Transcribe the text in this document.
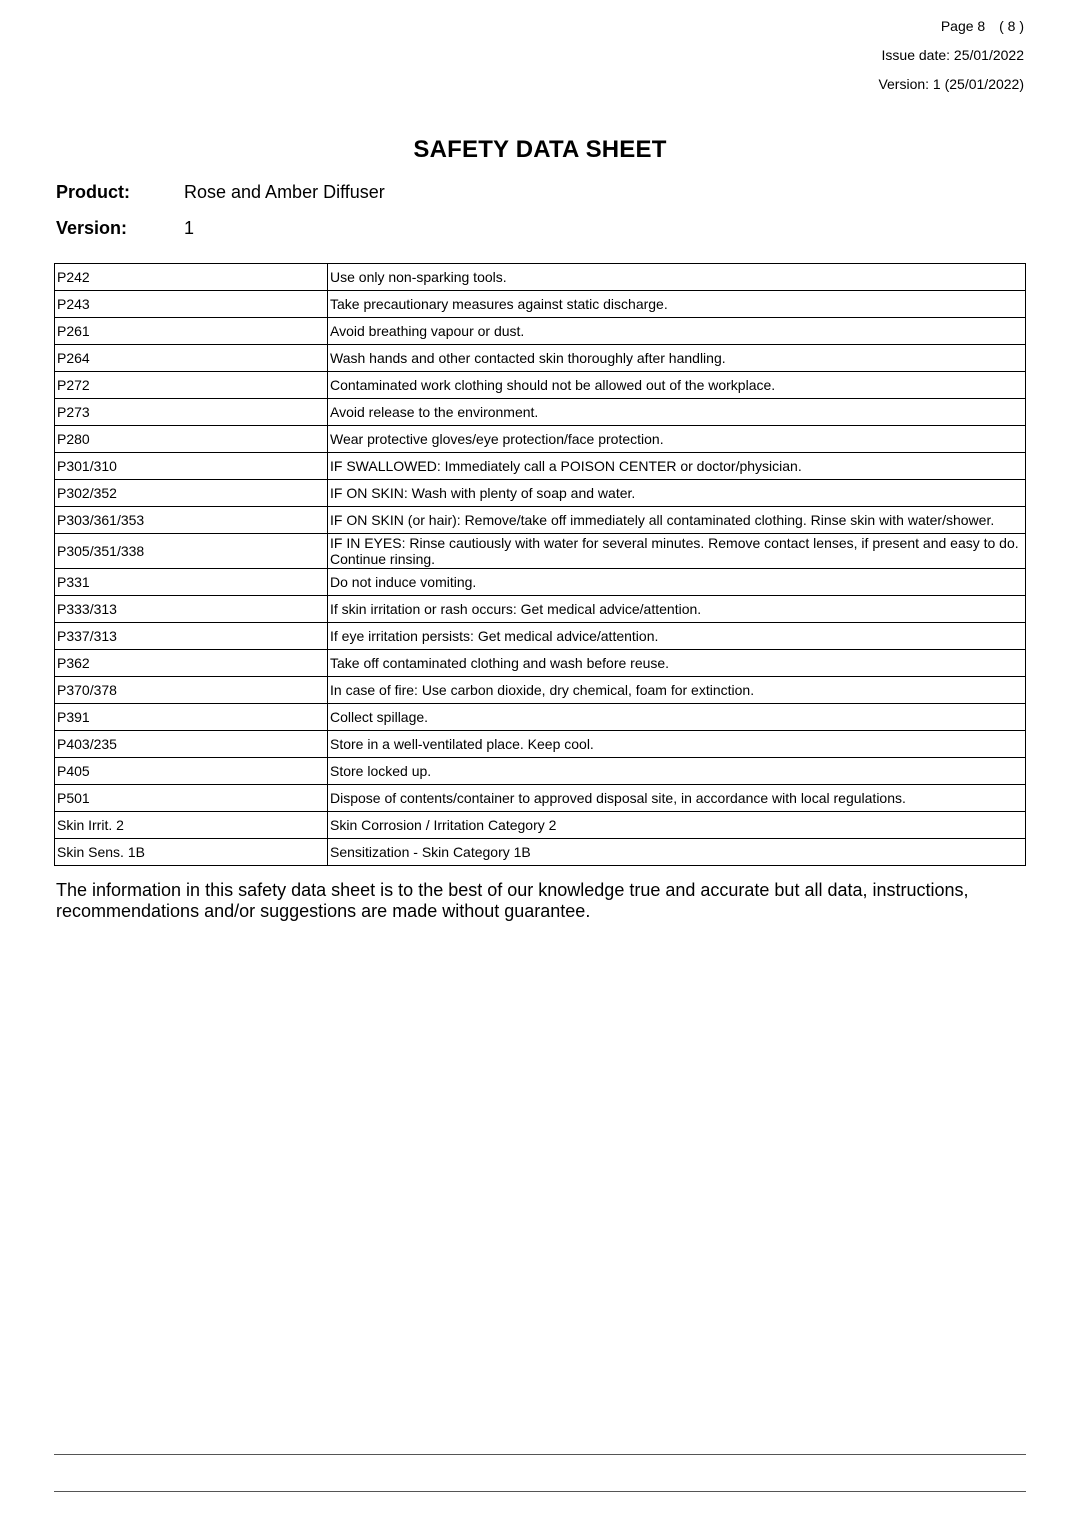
Page 8 ( 8 )
Issue date: 25/01/2022
Version: 1 (25/01/2022)
SAFETY DATA SHEET
Product:	Rose and Amber Diffuser
Version:	1
P242	Use only non-sparking tools.
P243	Take precautionary measures against static discharge.
P261	Avoid breathing vapour or dust.
P264	Wash hands and other contacted skin thoroughly after handling.
P272	Contaminated work clothing should not be allowed out of the workplace.
P273	Avoid release to the environment.
P280	Wear protective gloves/eye protection/face protection.
P301/310	IF SWALLOWED: Immediately call a POISON CENTER or doctor/physician.
P302/352	IF ON SKIN: Wash with plenty of soap and water.
P303/361/353	IF ON SKIN (or hair): Remove/take off immediately all contaminated clothing. Rinse skin with water/shower.
P305/351/338	IF IN EYES: Rinse cautiously with water for several minutes. Remove contact lenses, if present and easy to do. Continue rinsing.
P331	Do not induce vomiting.
P333/313	If skin irritation or rash occurs: Get medical advice/attention.
P337/313	If eye irritation persists: Get medical advice/attention.
P362	Take off contaminated clothing and wash before reuse.
P370/378	In case of fire: Use carbon dioxide, dry chemical, foam for extinction.
P391	Collect spillage.
P403/235	Store in a well-ventilated place. Keep cool.
P405	Store locked up.
P501	Dispose of contents/container to approved disposal site, in accordance with local regulations.
Skin Irrit. 2	Skin Corrosion / Irritation Category 2
Skin Sens. 1B	Sensitization - Skin Category 1B
The information in this safety data sheet is to the best of our knowledge true and accurate but all data, instructions, recommendations and/or suggestions are made without guarantee.
